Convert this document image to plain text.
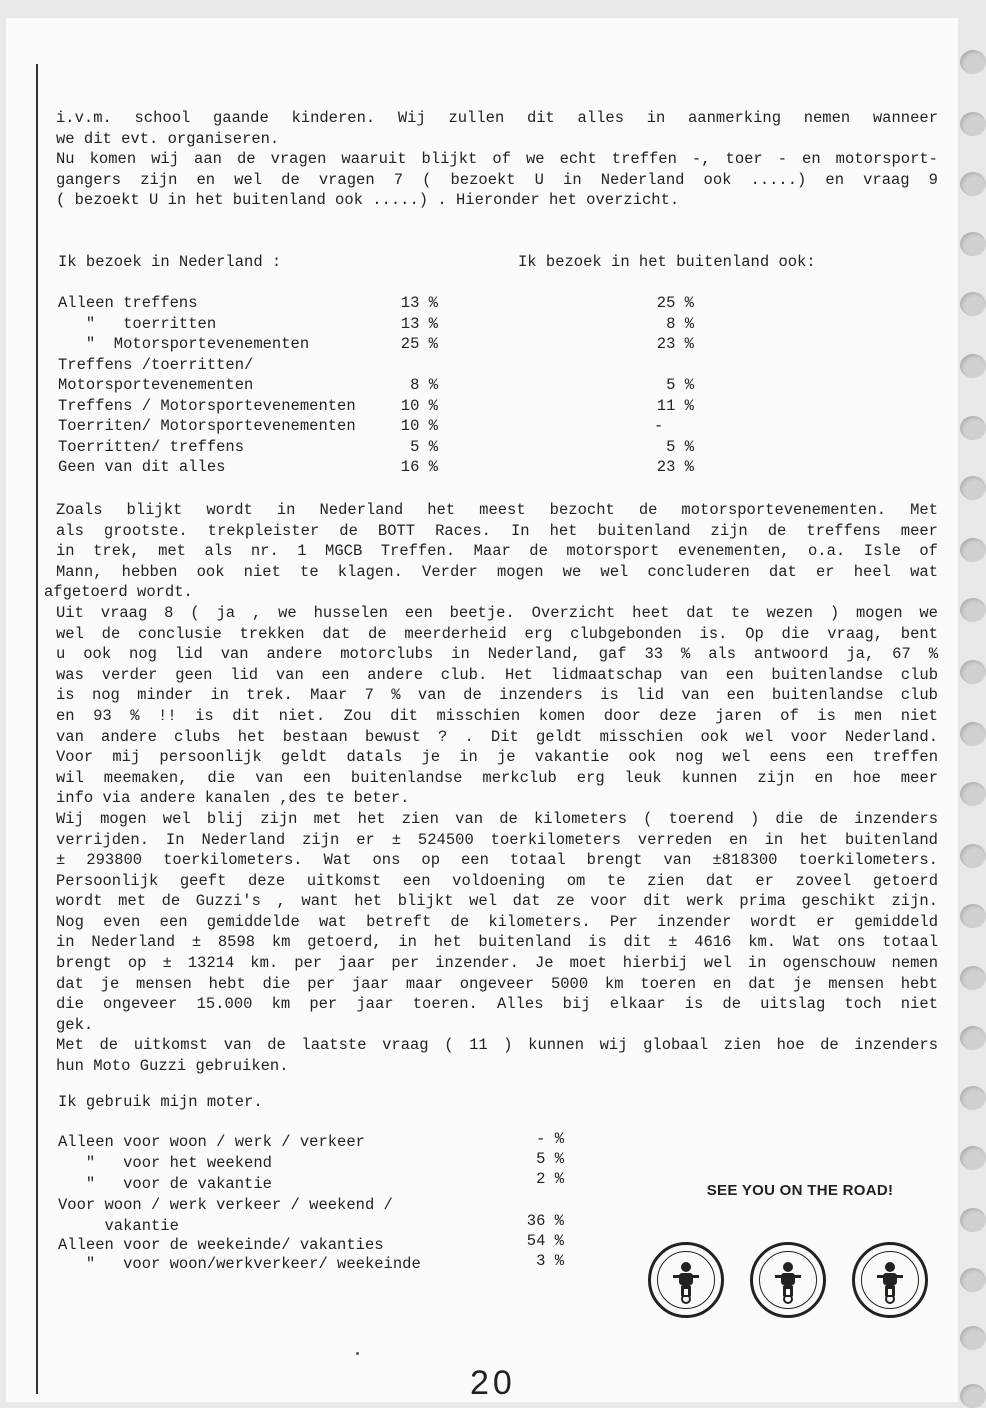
i.v.m. school gaande kinderen. Wij zullen dit alles in aanmerking nemen wanneer
we dit evt. organiseren.
Nu komen wij aan de vragen waaruit blijkt of we echt treffen -, toer - en motorsport-
gangers zijn en wel de vragen 7 ( bezoekt U in Nederland ook .....) en vraag 9
( bezoekt U in het buitenland ook .....) . Hieronder het overzicht.
Ik bezoek in Nederland :	Ik bezoek in het buitenland ook:
Alleen treffens	13 %	25 %
"   toerritten	13 %	8 %
"  Motorsportevenementen	25 %	23 %
Treffens /toerritten/
Motorsportevenementen	8 %	5 %
Treffens / Motorsportevenementen	10 %	11 %
Toerriten/ Motorsportevenementen	10 %	-
Toerritten/ treffens	5 %	5 %
Geen van dit alles	16 %	23 %
Zoals blijkt wordt in Nederland het meest bezocht de motorsportevenementen. Met
als grootste. trekpleister de BOTT Races. In het buitenland zijn de treffens meer
in trek, met als nr. 1 MGCB Treffen. Maar de motorsport evenementen, o.a. Isle of
Mann, hebben ook niet te klagen. Verder mogen we wel concluderen dat er heel wat
afgetoerd wordt.
Uit vraag 8 ( ja , we husselen een beetje. Overzicht heet dat te wezen ) mogen we
wel de conclusie trekken dat de meerderheid erg clubgebonden is. Op die vraag, bent
u ook nog lid van andere motorclubs in Nederland, gaf 33 % als antwoord ja, 67 %
was verder geen lid van een andere club. Het lidmaatschap van een buitenlandse club
is nog minder in trek. Maar 7 % van de inzenders is lid van een buitenlandse club
en 93 % !! is dit niet. Zou dit misschien komen door deze jaren of is men niet
van andere clubs het bestaan bewust ? . Dit geldt misschien ook wel voor Nederland.
Voor mij persoonlijk geldt datals je in je vakantie ook nog wel eens een treffen
wil meemaken, die van een buitenlandse merkclub erg leuk kunnen zijn en hoe meer
info via andere kanalen ,des te beter.
Wij mogen wel blij zijn met het zien van de kilometers ( toerend ) die de inzenders
verrijden. In Nederland zijn er ± 524500 toerkilometers verreden en in het buitenland
± 293800 toerkilometers. Wat ons op een totaal brengt van ±818300 toerkilometers.
Persoonlijk geeft deze uitkomst een voldoening om te zien dat er zoveel getoerd
wordt met de Guzzi's , want het blijkt wel dat ze voor dit werk prima geschikt zijn.
Nog even een gemiddelde wat betreft de kilometers. Per inzender wordt er gemiddeld
in Nederland ± 8598 km getoerd, in het buitenland is dit ± 4616 km. Wat ons totaal
brengt op ± 13214 km. per jaar per inzender. Je moet hierbij wel in ogenschouw nemen
dat je mensen hebt die per jaar maar ongeveer 5000 km toeren en dat je mensen hebt
die ongeveer 15.000 km per jaar toeren. Alles bij elkaar is de uitslag toch niet
gek.
Met de uitkomst van de laatste vraag ( 11 ) kunnen wij globaal zien hoe de inzenders
hun Moto Guzzi gebruiken.
Ik gebruik mijn moter.
Alleen voor woon / werk / verkeer	- %
"   voor het weekend	5 %
"   voor de vakantie	2 %
Voor woon / werk verkeer / weekend /
vakantie	36 %
Alleen voor de weekeinde/ vakanties	54 %
"   voor woon/werkverkeer/ weekeinde	3 %
SEE YOU ON THE ROAD!
20
